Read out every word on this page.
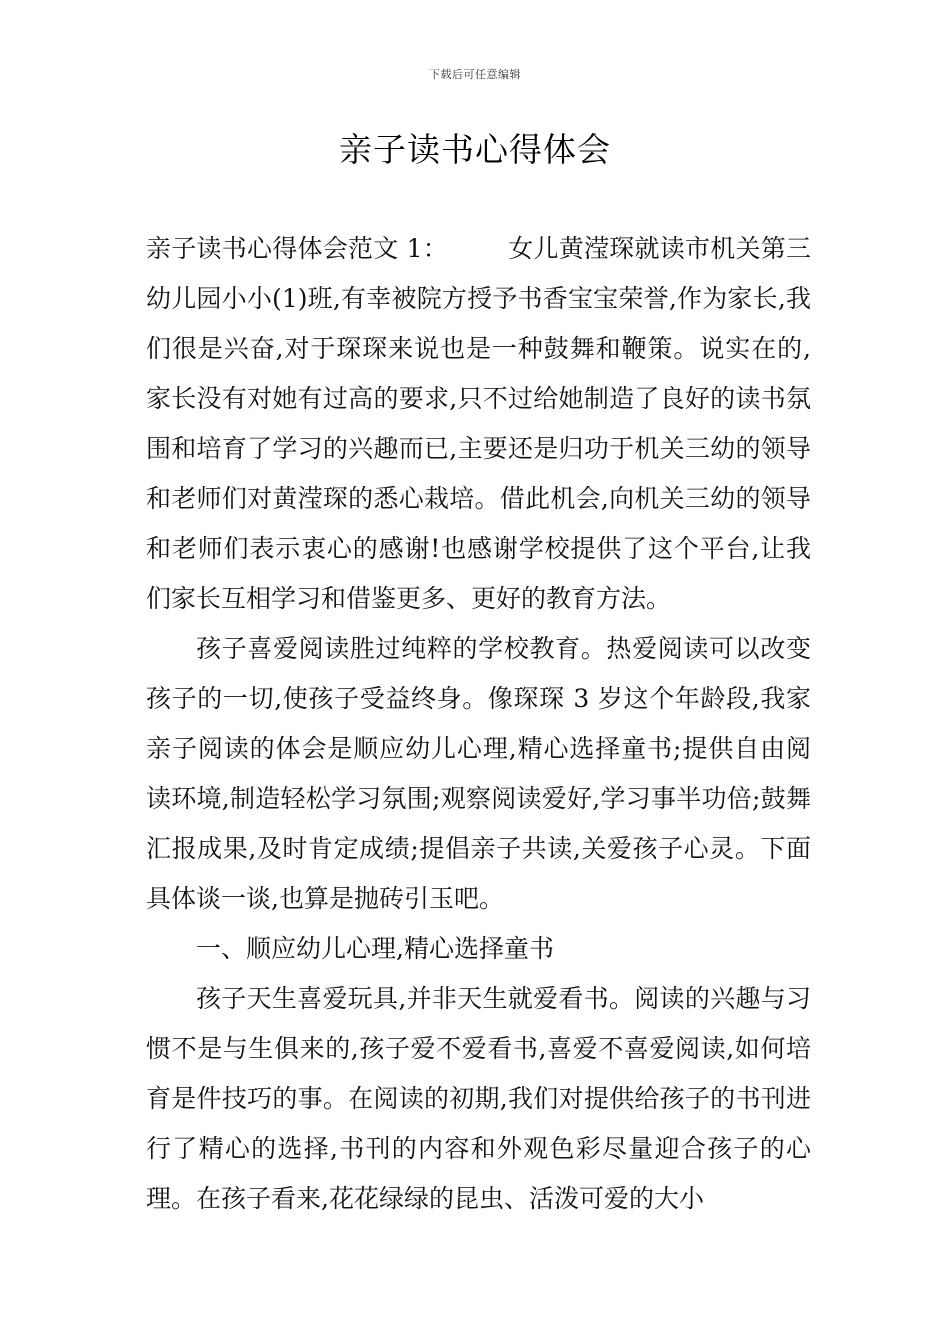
下载后可任意编辑
亲子读书心得体会

亲子读书心得体会范文 1： 女儿黄滢琛就读市机关第三幼儿园小小(1)班,有幸被院方授予书香宝宝荣誉,作为家长,我们很是兴奋,对于琛琛来说也是一种鼓舞和鞭策。说实在的,家长没有对她有过高的要求,只不过给她制造了良好的读书氛围和培育了学习的兴趣而已,主要还是归功于机关三幼的领导和老师们对黄滢琛的悉心栽培。借此机会,向机关三幼的领导和老师们表示衷心的感谢!也感谢学校提供了这个平台,让我们家长互相学习和借鉴更多、更好的教育方法。

孩子喜爱阅读胜过纯粹的学校教育。热爱阅读可以改变孩子的一切,使孩子受益终身。像琛琛 3 岁这个年龄段,我家亲子阅读的体会是顺应幼儿心理,精心选择童书;提供自由阅读环境,制造轻松学习氛围;观察阅读爱好,学习事半功倍;鼓舞汇报成果,及时肯定成绩;提倡亲子共读,关爱孩子心灵。下面具体谈一谈,也算是抛砖引玉吧。

一、顺应幼儿心理,精心选择童书

孩子天生喜爱玩具,并非天生就爱看书。阅读的兴趣与习惯不是与生俱来的,孩子爱不爱看书,喜爱不喜爱阅读,如何培育是件技巧的事。在阅读的初期,我们对提供给孩子的书刊进行了精心的选择,书刊的内容和外观色彩尽量迎合孩子的心理。在孩子看来,花花绿绿的昆虫、活泼可爱的大小
